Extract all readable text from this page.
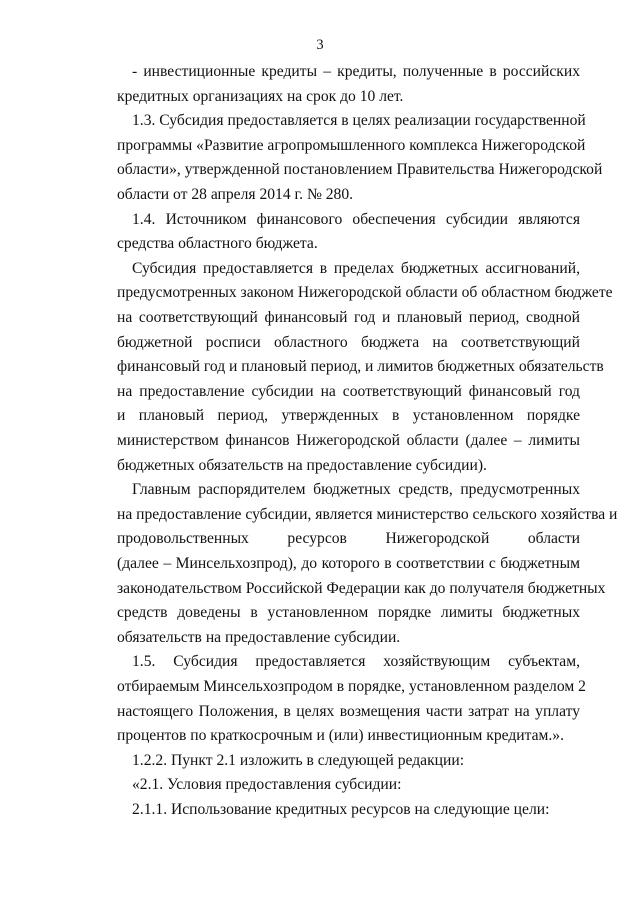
3
- инвестиционные кредиты – кредиты, полученные в российских
кредитных организациях на срок до 10 лет.
1.3. Субсидия предоставляется в целях реализации государственной
программы «Развитие агропромышленного комплекса Нижегородской
области», утвержденной постановлением Правительства Нижегородской
области от 28 апреля 2014 г. № 280.
1.4. Источником финансового обеспечения субсидии являются
средства областного бюджета.
Субсидия предоставляется в пределах бюджетных ассигнований,
предусмотренных законом Нижегородской области об областном бюджете
на соответствующий финансовый год и плановый период, сводной
бюджетной росписи областного бюджета на соответствующий
финансовый год и плановый период, и лимитов бюджетных обязательств
на предоставление субсидии на соответствующий финансовый год
и плановый период, утвержденных в установленном порядке
министерством финансов Нижегородской области (далее – лимиты
бюджетных обязательств на предоставление субсидии).
Главным распорядителем бюджетных средств, предусмотренных
на предоставление субсидии, является министерство сельского хозяйства и
продовольственных ресурсов Нижегородской области
(далее – Минсельхозпрод), до которого в соответствии с бюджетным
законодательством Российской Федерации как до получателя бюджетных
средств доведены в установленном порядке лимиты бюджетных
обязательств на предоставление субсидии.
1.5. Субсидия предоставляется хозяйствующим субъектам,
отбираемым Минсельхозпродом в порядке, установленном разделом 2
настоящего Положения, в целях возмещения части затрат на уплату
процентов по краткосрочным и (или) инвестиционным кредитам.».
1.2.2. Пункт 2.1 изложить в следующей редакции:
«2.1. Условия предоставления субсидии:
2.1.1. Использование кредитных ресурсов на следующие цели:
